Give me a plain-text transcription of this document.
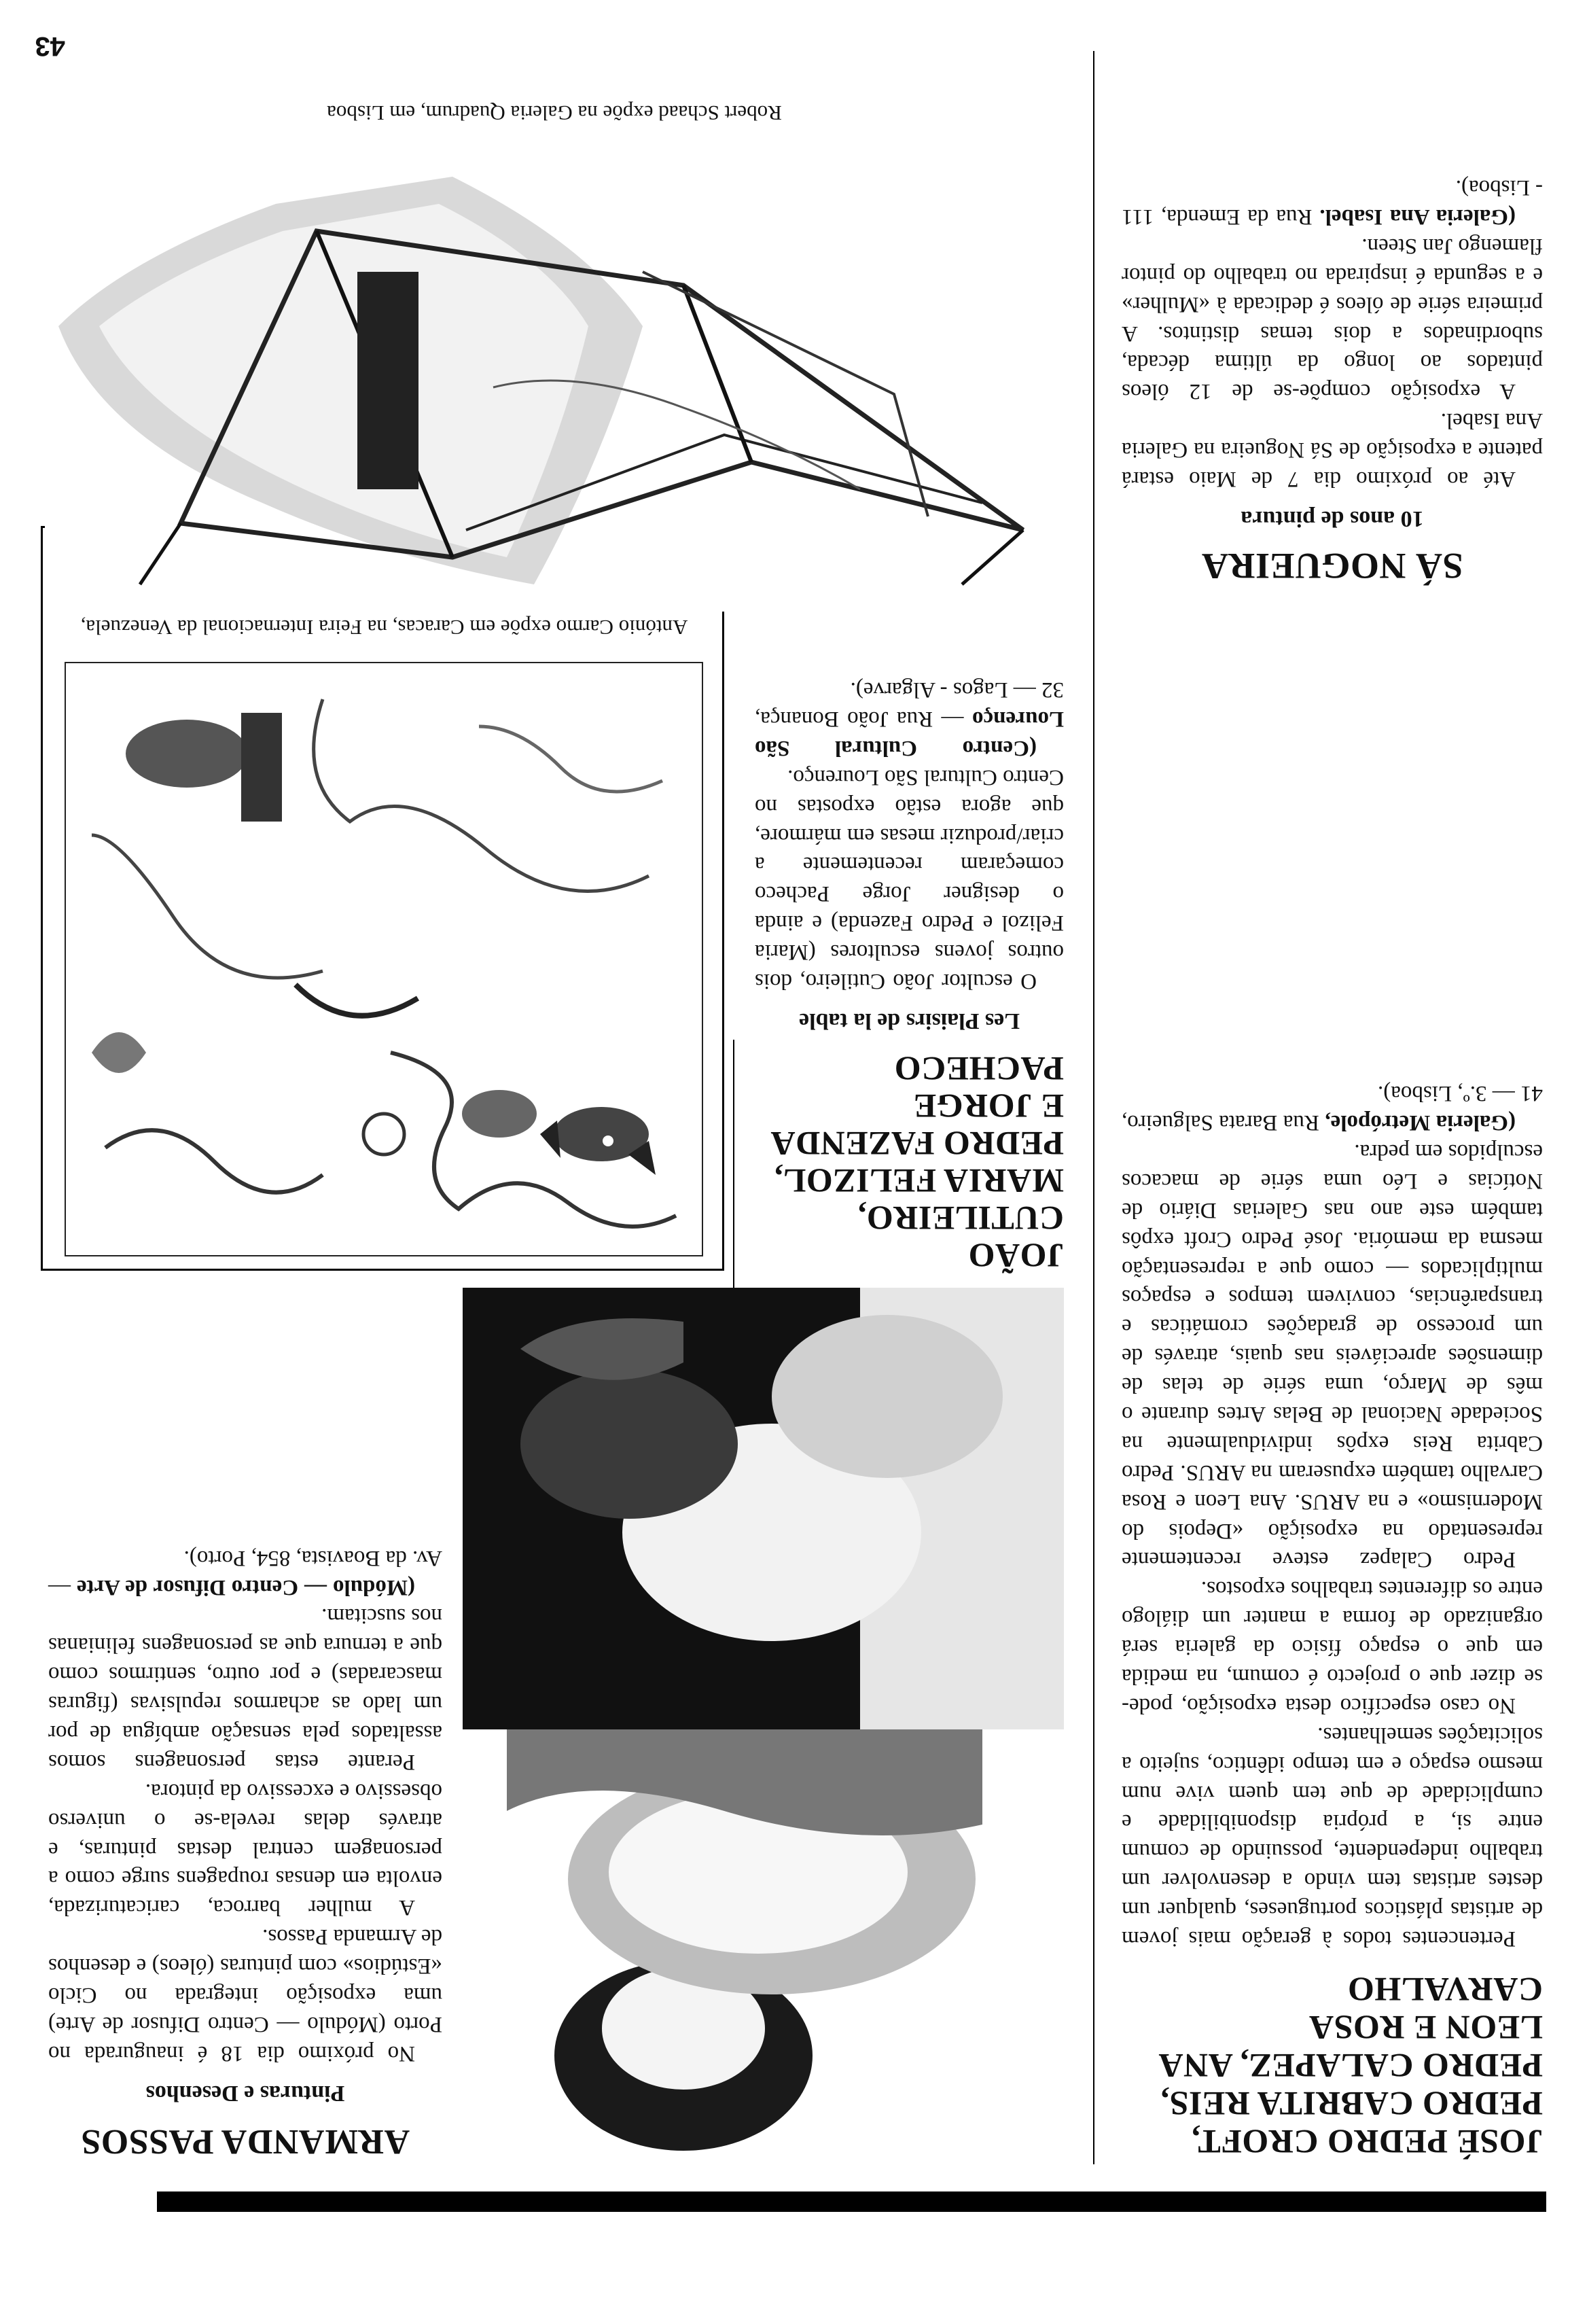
JOSÉ PEDRO CROFT, PEDRO CABRITA REIS, PEDRO CALAPEZ, ANA LEON E ROSA CARVALHO

Pertencentes todos à geração mais jovem de artistas plásticos portugueses, qualquer um destes artistas tem vindo a desenvolver um trabalho independente, possuindo de comum entre si, a própria disponibilidade e cumplicidade de que tem quem vive num mesmo espaço e em tempo idêntico, sujeito a solicitações semelhantes.

No caso específico desta exposição, pode-se dizer que o projecto é comum, na medida em que o espaço físico da galeria será organizado de forma a manter um diálogo entre os diferentes trabalhos expostos.

Pedro Calapez esteve recentemente representado na exposição «Depois do Modernismo» e na ARUS. Ana Leon e Rosa Carvalho também expuseram na ARUS. Pedro Cabrita Reis expôs individualmente na Sociedade Nacional de Belas Artes durante o mês de Março, uma série de telas de dimensões apreciáveis nas quais, através de um processo de gradações cromáticas e transparências, convivem tempos e espaços multiplicados — como que a representação mesma da memória. José Pedro Croft expôs também este ano nas Galerias Diário de Notícias e Léo uma série de macacos esculpidos em pedra.

(Galeria Metrópole, Rua Barata Salgueiro, 41 — 3.º, Lisboa).

SÁ NOGUEIRA
10 anos de pintura

Até ao próximo dia 7 de Maio estará patente a exposição de Sá Nogueira na Galeria Ana Isabel.

A exposição compõe-se de 12 óleos pintados ao longo da última década, subordinados a dois temas distintos. A primeira série de óleos é dedicada à «Mulher» e a segunda é inspirada no trabalho do pintor flamengo Jan Steen.

(Galeria Ana Isabel. Rua da Emenda, 111 - Lisboa).

JOÃO CUTILEIRO, MARIA FELIZOL, PEDRO FAZENDA E JORGE PACHECO
Les Plaisirs de la table

O escultor João Cutileiro, dois outros jovens escultores (Maria Felizol e Pedro Fazenda) e ainda o designer Jorge Pacheco começaram recentemente a criar/produzir mesas em mármore, que agora estão expostas no Centro Cultural São Lourenço.

(Centro Cultural São Lourenço — Rua João Bonança, 32 — Lagos - Algarve).

António Carmo expõe em Caracas, na Feira Internacional da Venezuela,
Robert Schaad expõe na Galeria Quadrum, em Lisboa
ARMANDA PASSOS
Pinturas e Desenhos

No próximo dia 18 é inaugurada no Porto (Módulo — Centro Difusor de Arte) uma exposição integrada no Ciclo «Estúdios» com pinturas (óleos) e desenhos de Armanda Passos.

A mulher barroca, caricaturizada, envolta em densas roupagens surge como a personagem central destas pinturas, e através delas revela-se o universo obsessivo e excessivo da pintora.

Perante estas personagens somos assaltados pela sensação ambígua de por um lado as acharmos repulsivas (figuras mascaradas) e por outro, sentirmos como que a ternura que as personagens felinianas nos suscitam.

(Módulo — Centro Difusor de Arte — Av. da Boavista, 854, Porto).

43
